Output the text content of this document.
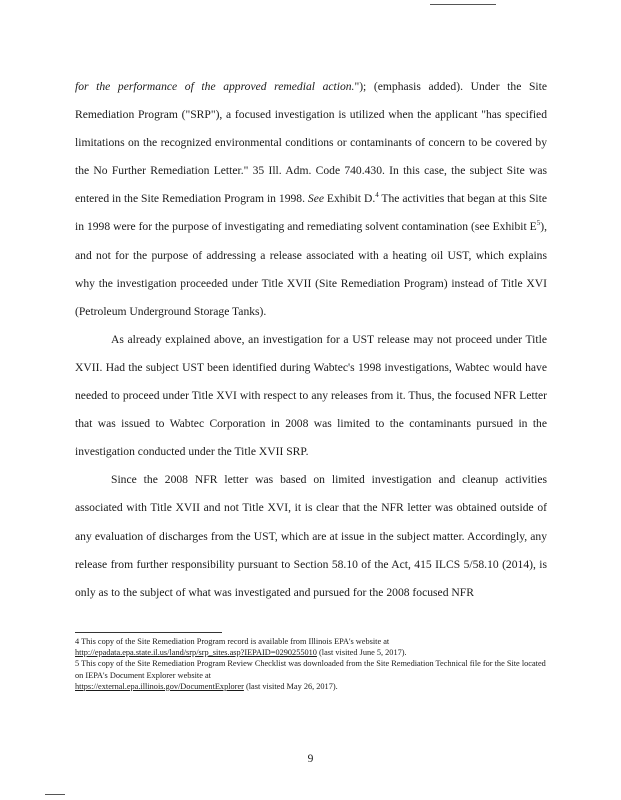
for the performance of the approved remedial action."); (emphasis added). Under the Site Remediation Program ("SRP"), a focused investigation is utilized when the applicant "has specified limitations on the recognized environmental conditions or contaminants of concern to be covered by the No Further Remediation Letter." 35 Ill. Adm. Code 740.430. In this case, the subject Site was entered in the Site Remediation Program in 1998. See Exhibit D.$^4$ The activities that began at this Site in 1998 were for the purpose of investigating and remediating solvent contamination (see Exhibit $E^5$), and not for the purpose of addressing a release associated with a heating oil UST, which explains why the investigation proceeded under Title XVII (Site Remediation Program) instead of Title XVI (Petroleum Underground Storage Tanks).

As already explained above, an investigation for a UST release may not proceed under Title XVII. Had the subject UST been identified during Wabtec's 1998 investigations, Wabtec would have needed to proceed under Title XVI with respect to any releases from it. Thus, the focused NFR Letter that was issued to Wabtec Corporation in 2008 was limited to the contaminants pursued in the investigation conducted under the Title XVII SRP.

Since the 2008 NFR letter was based on limited investigation and cleanup activities associated with Title XVII and not Title XVI, it is clear that the NFR letter was obtained outside of any evaluation of discharges from the UST, which are at issue in the subject matter. Accordingly, any release from further responsibility pursuant to Section 58.10 of the Act, 415 ILCS 5/58.10 (2014), is only as to the subject of what was investigated and pursued for the 2008 focused NFR

4 This copy of the Site Remediation Program record is available from Illinois EPA's website at
http://epadata.epa.state.il.us/land/srp/srp_sites.asp?IEPAID=0290255010 (last visited June 5, 2017).

5 This copy of the Site Remediation Program Review Checklist was downloaded from the Site Remediation Technical file for the Site located on IEPA's Document Explorer website at
https://external.epa.illinois.gov/DocumentExplorer (last visited May 26, 2017).

9
